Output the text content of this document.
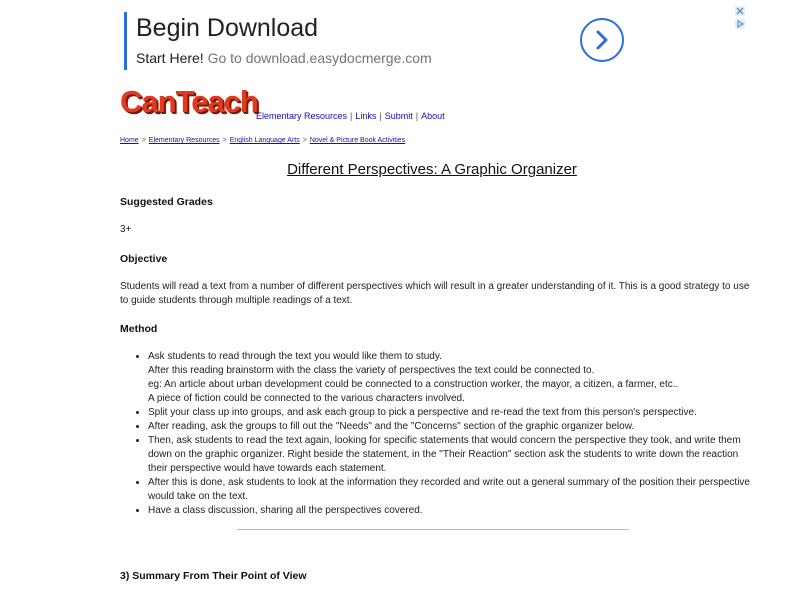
Begin Download
Start Here! Go to download.easydocmerge.com
CanTeach
Elementary Resources | Links | Submit | About
Home > Elementary Resources > English Language Arts > Novel & Picture Book Activities
Different Perspectives: A Graphic Organizer

Suggested Grades

3+

Objective

Students will read a text from a number of different perspectives which will result in a greater understanding of it. This is a good strategy to use to guide students through multiple readings of a text.

Method

• Ask students to read through the text you would like them to study.
After this reading brainstorm with the class the variety of perspectives the text could be connected to.
eg: An article about urban development could be connected to a construction worker, the mayor, a citizen, a farmer, etc..
A piece of fiction could be connected to the various characters involved.
• Split your class up into groups, and ask each group to pick a perspective and re-read the text from this person's perspective.
• After reading, ask the groups to fill out the "Needs" and the "Concerns" section of the graphic organizer below.
• Then, ask students to read the text again, looking for specific statements that would concern the perspective they took, and write them down on the graphic organizer. Right beside the statement, in the "Their Reaction" section ask the students to write down the reaction their perspective would have towards each statement.
• After this is done, ask students to look at the information they recorded and write out a general summary of the position their perspective would take on the text.
• Have a class discussion, sharing all the perspectives covered.
3) Summary From Their Point of View
